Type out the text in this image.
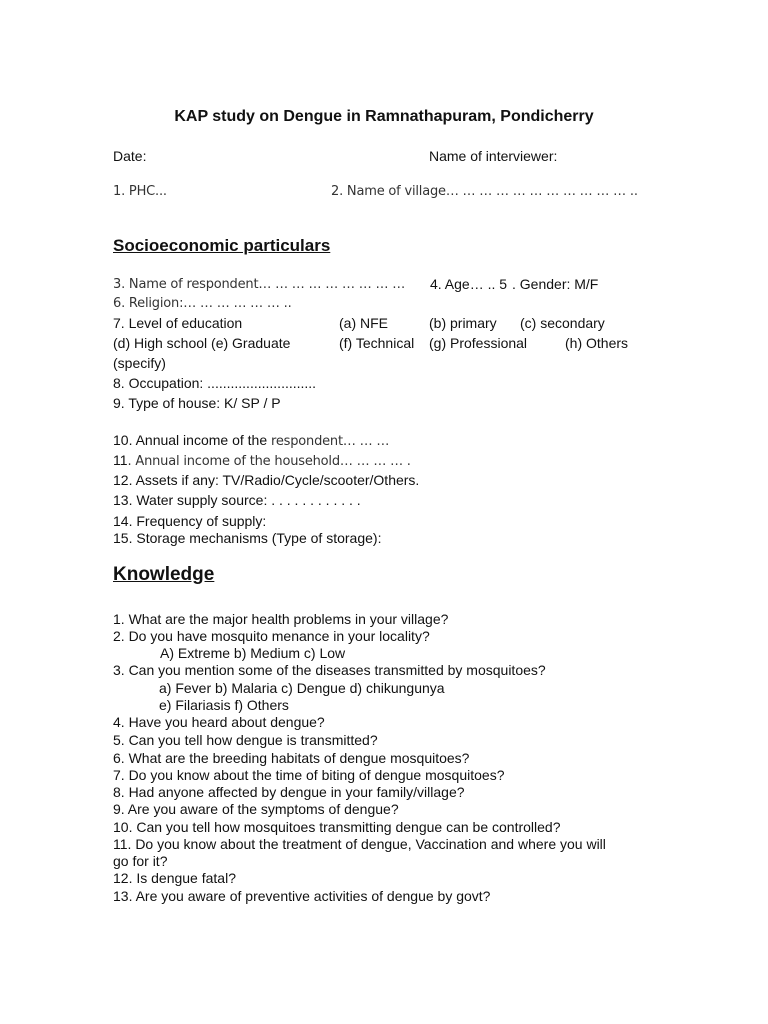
KAP study on Dengue in Ramnathapuram, Pondicherry
Date:	Name of interviewer:
1. PHC...	2. Name of village… … … … … … … … … … … ..
Socioeconomic particulars
3. Name of respondent… … … … … … … … … 4. Age… .. 5 . Gender: M/F
6. Religion:… … … … … … ..
7. Level of education	(a) NFE	(b) primary (c) secondary
(d) High school (e) Graduate	(f) Technical (g) Professional	(h) Others
(specify)
8. Occupation: ............................
9. Type of house: K/ SP / P
10. Annual income of the respondent… … …
11. Annual income of the household… … … … .
12. Assets if any: TV/Radio/Cycle/scooter/Others.
13. Water supply source: . . . . . . . . . . . .
14. Frequency of supply:
15. Storage mechanisms (Type of storage):
Knowledge
1. What are the major health problems in your village?
2. Do you have mosquito menance in your locality?
A) Extreme b) Medium c) Low
3. Can you mention some of the diseases transmitted by mosquitoes?
a) Fever b) Malaria c) Dengue d) chikungunya
e) Filariasis f) Others
4. Have you heard about dengue?
5. Can you tell how dengue is transmitted?
6. What are the breeding habitats of dengue mosquitoes?
7. Do you know about the time of biting of dengue mosquitoes?
8. Had anyone affected by dengue in your family/village?
9. Are you aware of the symptoms of dengue?
10. Can you tell how mosquitoes transmitting dengue can be controlled?
11. Do you know about the treatment of dengue, Vaccination and where you will
go for it?
12. Is dengue fatal?
13. Are you aware of preventive activities of dengue by govt?
